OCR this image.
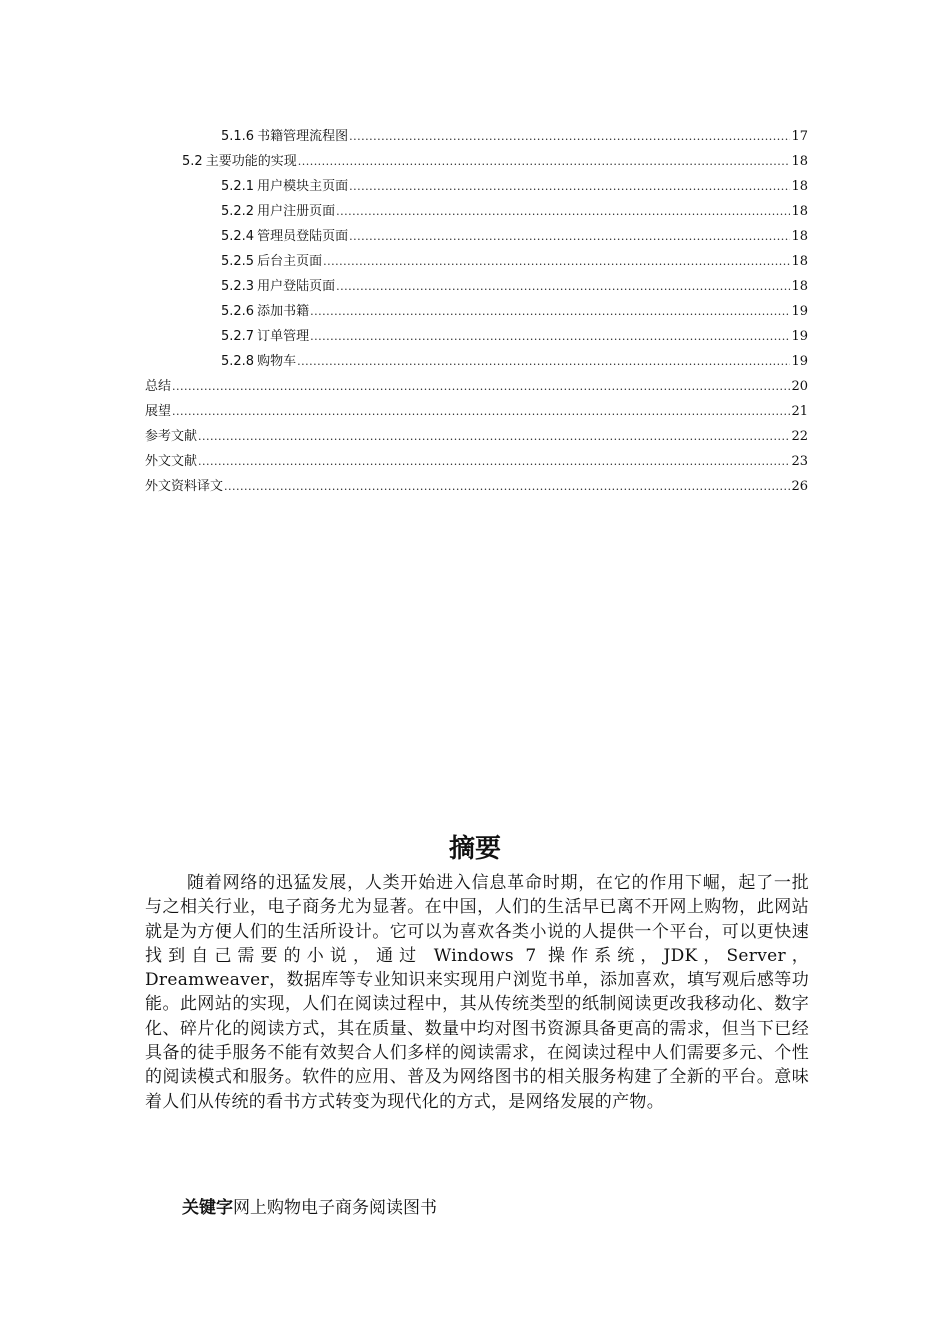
5.1.6 书籍管理流程图 .....	17
5.2 主要功能的实现 .....	18
5.2.1 用户模块主页面 .....	18
5.2.2 用户注册页面 .....	18
5.2.4 管理员登陆页面 .....	18
5.2.5 后台主页面 .....	18
5.2.3 用户登陆页面 .....	18
5.2.6 添加书籍 .....	19
5.2.7 订单管理 .....	19
5.2.8 购物车 .....	19
总结 .....	20
展望 .....	21
参考文献 .....	22
外文文献 .....	23
外文资料译文 .....	26
摘要

随着网络的迅猛发展，人类开始进入信息革命时期，在它的作用下崛，起了一批与之相关行业，电子商务尤为显著。在中国，人们的生活早已离不开网上购物，此网站就是为方便人们的生活所设计。它可以为喜欢各类小说的人提供一个平台，可以更快速找到自己需要的小说，通过 Windows 7 操作系统，JDK，Server，Dreamweaver，数据库等专业知识来实现用户浏览书单，添加喜欢，填写观后感等功能。此网站的实现，人们在阅读过程中，其从传统类型的纸制阅读更改我移动化、数字化、碎片化的阅读方式，其在质量、数量中均对图书资源具备更高的需求，但当下已经具备的徒手服务不能有效契合人们多样的阅读需求，在阅读过程中人们需要多元、个性的阅读模式和服务。软件的应用、普及为网络图书的相关服务构建了全新的平台。意味着人们从传统的看书方式转变为现代化的方式，是网络发展的产物。

关键字网上购物电子商务阅读图书
